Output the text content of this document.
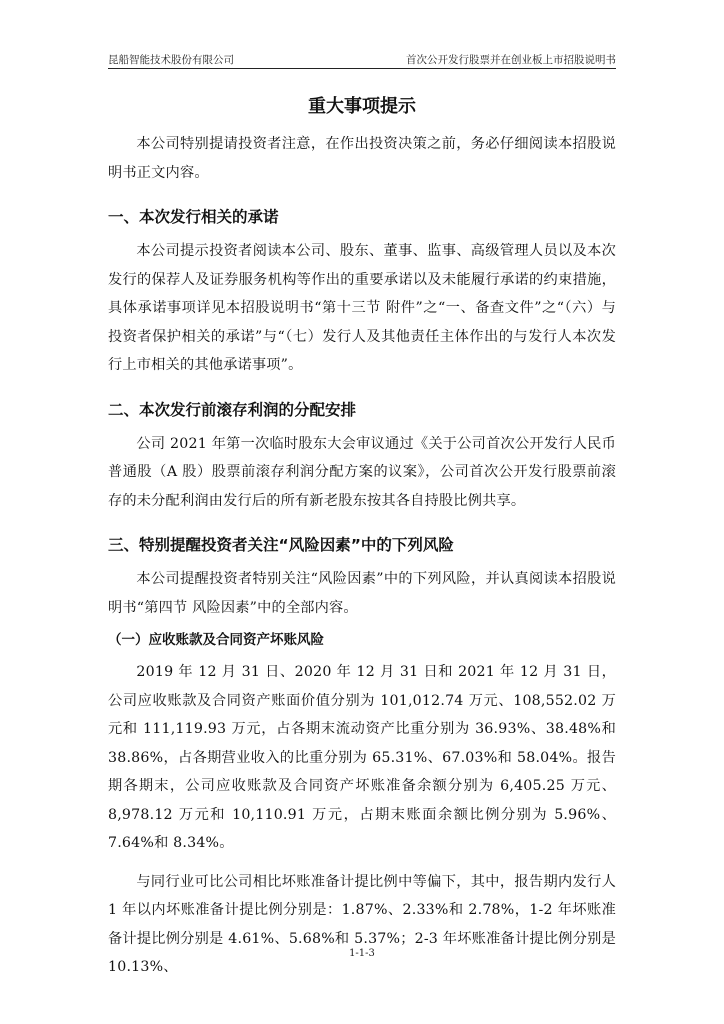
昆船智能技术股份有限公司	首次公开发行股票并在创业板上市招股说明书
重大事项提示

本公司特别提请投资者注意，在作出投资决策之前，务必仔细阅读本招股说明书正文内容。

一、本次发行相关的承诺

本公司提示投资者阅读本公司、股东、董事、监事、高级管理人员以及本次发行的保荐人及证券服务机构等作出的重要承诺以及未能履行承诺的约束措施，具体承诺事项详见本招股说明书“第十三节 附件”之“一、备查文件”之“（六）与投资者保护相关的承诺”与“（七）发行人及其他责任主体作出的与发行人本次发行上市相关的其他承诺事项”。

二、本次发行前滚存利润的分配安排

公司 2021 年第一次临时股东大会审议通过《关于公司首次公开发行人民币普通股（A 股）股票前滚存利润分配方案的议案》，公司首次公开发行股票前滚存的未分配利润由发行后的所有新老股东按其各自持股比例共享。

三、特别提醒投资者关注“风险因素”中的下列风险

本公司提醒投资者特别关注“风险因素”中的下列风险，并认真阅读本招股说明书“第四节 风险因素”中的全部内容。

（一）应收账款及合同资产坏账风险

2019 年 12 月 31 日、2020 年 12 月 31 日和 2021 年 12 月 31 日，公司应收账款及合同资产账面价值分别为 101,012.74 万元、108,552.02 万元和 111,119.93 万元，占各期末流动资产比重分别为 36.93%、38.48%和 38.86%，占各期营业收入的比重分别为 65.31%、67.03%和 58.04%。报告期各期末，公司应收账款及合同资产坏账准备余额分别为 6,405.25 万元、8,978.12 万元和 10,110.91 万元，占期末账面余额比例分别为 5.96%、7.64%和 8.34%。

与同行业可比公司相比坏账准备计提比例中等偏下，其中，报告期内发行人 1 年以内坏账准备计提比例分别是：1.87%、2.33%和 2.78%，1-2 年坏账准备计提比例分别是 4.61%、5.68%和 5.37%；2-3 年坏账准备计提比例分别是 10.13%、

1-1-3
